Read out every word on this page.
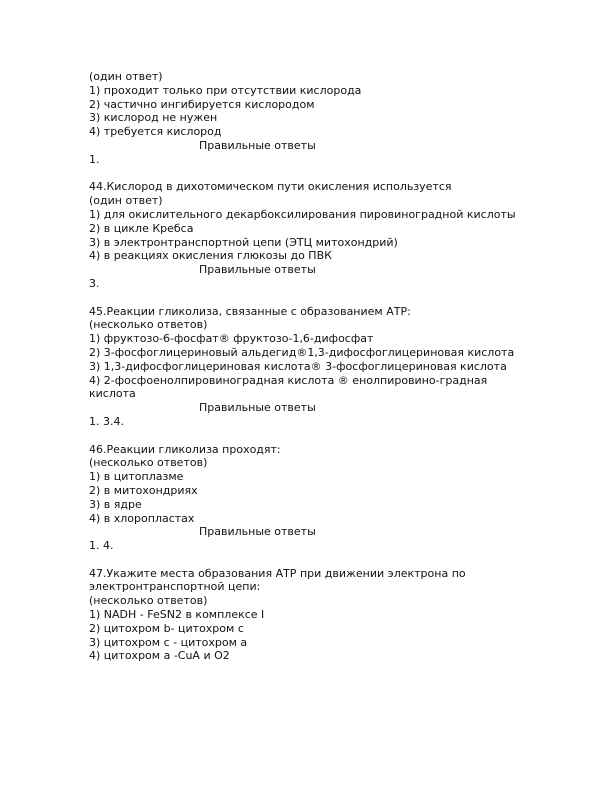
(один ответ)
1) проходит только при отсутствии кислорода
2) частично ингибируется кислородом
3) кислород не нужен
4) требуется кислород
Правильные ответы
1.
44.Кислород в дихотомическом пути окисления используется
(один ответ)
1) для окислительного декарбоксилирования пировиноградной кислоты
2) в цикле Кребса
3) в электронтранспортной цепи (ЭТЦ митохондрий)
4) в реакциях окисления глюкозы до ПВК
Правильные ответы
3.
45.Реакции гликолиза, связанные с образованием АТР:
(несколько ответов)
1) фруктозо-6-фосфат® фруктозо-1,6-дифосфат
2) 3-фосфоглицериновый альдегид®1,3-дифосфоглицериновая кислота
3) 1,3-дифосфоглицериновая кислота® 3-фосфоглицериновая кислота
4) 2-фосфоенолпировиноградная кислота ® енолпировино-градная кислота
Правильные ответы
1. 3.4.
46.Реакции гликолиза проходят:
(несколько ответов)
1) в цитоплазме
2) в митохондриях
3) в ядре
4) в хлоропластах
Правильные ответы
1. 4.
47.Укажите места образования АТР при движении электрона по электронтранспортной цепи:
(несколько ответов)
1) NADH - FeSN2 в комплексе I
2) цитохром b- цитохром c
3) цитохром c - цитохром a
4) цитохром a -CuA и O2
